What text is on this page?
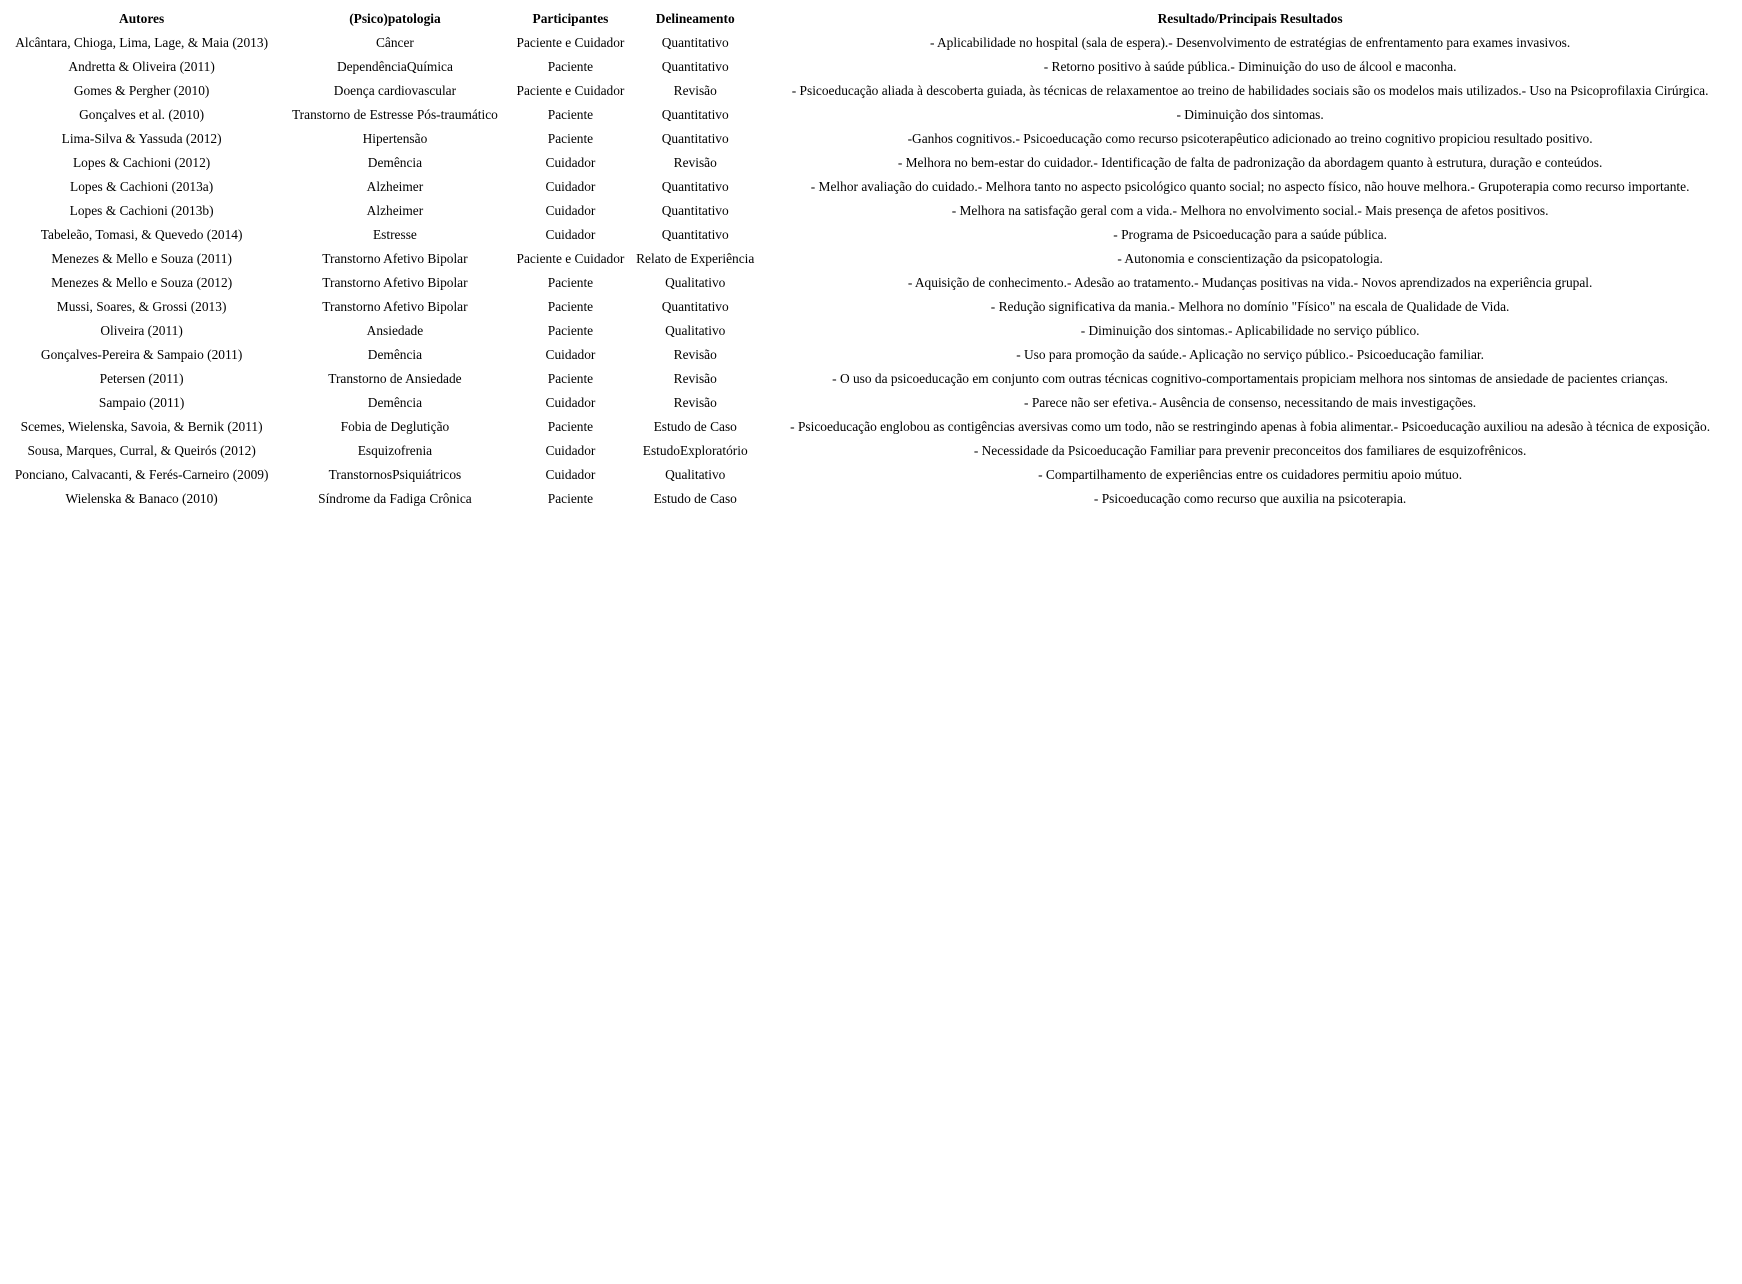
Autores	(Psico)patologia	Participantes	Delineamento	Resultado/Principais Resultados
Alcântara, Chioga, Lima, Lage, & Maia (2013)	Câncer	Paciente e Cuidador	Quantitativo	- Aplicabilidade no hospital (sala de espera).- Desenvolvimento de estratégias de enfrentamento para exames invasivos.
Andretta & Oliveira (2011)	DependênciaQuímica	Paciente	Quantitativo	- Retorno positivo à saúde pública.- Diminuição do uso de álcool e maconha.
Gomes & Pergher (2010)	Doença cardiovascular	Paciente e Cuidador	Revisão	- Psicoeducação aliada à descoberta guiada, às técnicas de relaxamentoe ao treino de habilidades sociais são os modelos mais utilizados.- Uso na Psicoprofilaxia Cirúrgica.
Gonçalves et al. (2010)	Transtorno de Estresse Pós-traumático	Paciente	Quantitativo	- Diminuição dos sintomas.
Lima-Silva & Yassuda (2012)	Hipertensão	Paciente	Quantitativo	-Ganhos cognitivos.- Psicoeducação como recurso psicoterapêutico adicionado ao treino cognitivo propiciou resultado positivo.
Lopes & Cachioni (2012)	Demência	Cuidador	Revisão	- Melhora no bem-estar do cuidador.- Identificação de falta de padronização da abordagem quanto à estrutura, duração e conteúdos.
Lopes & Cachioni (2013a)	Alzheimer	Cuidador	Quantitativo	- Melhor avaliação do cuidado.- Melhora tanto no aspecto psicológico quanto social; no aspecto físico, não houve melhora.- Grupoterapia como recurso importante.
Lopes & Cachioni (2013b)	Alzheimer	Cuidador	Quantitativo	- Melhora na satisfação geral com a vida.- Melhora no envolvimento social.- Mais presença de afetos positivos.
Tabeleão, Tomasi, & Quevedo (2014)	Estresse	Cuidador	Quantitativo	- Programa de Psicoeducação para a saúde pública.
Menezes & Mello e Souza (2011)	Transtorno Afetivo Bipolar	Paciente e Cuidador	Relato de Experiência	- Autonomia e conscientização da psicopatologia.
Menezes & Mello e Souza (2012)	Transtorno Afetivo Bipolar	Paciente	Qualitativo	- Aquisição de conhecimento.- Adesão ao tratamento.- Mudanças positivas na vida.- Novos aprendizados na experiência grupal.
Mussi, Soares, & Grossi (2013)	Transtorno Afetivo Bipolar	Paciente	Quantitativo	- Redução significativa da mania.- Melhora no domínio "Físico" na escala de Qualidade de Vida.
Oliveira (2011)	Ansiedade	Paciente	Qualitativo	- Diminuição dos sintomas.- Aplicabilidade no serviço público.
Gonçalves-Pereira & Sampaio (2011)	Demência	Cuidador	Revisão	- Uso para promoção da saúde.- Aplicação no serviço público.- Psicoeducação familiar.
Petersen (2011)	Transtorno de Ansiedade	Paciente	Revisão	- O uso da psicoeducação em conjunto com outras técnicas cognitivo-comportamentais propiciam melhora nos sintomas de ansiedade de pacientes crianças.
Sampaio (2011)	Demência	Cuidador	Revisão	- Parece não ser efetiva.- Ausência de consenso, necessitando de mais investigações.
Scemes, Wielenska, Savoia, & Bernik (2011)	Fobia de Deglutição	Paciente	Estudo de Caso	- Psicoeducação englobou as contigências aversivas como um todo, não se restringindo apenas à fobia alimentar.- Psicoeducação auxiliou na adesão à técnica de exposição.
Sousa, Marques, Curral, & Queirós (2012)	Esquizofrenia	Cuidador	EstudoExploratório	- Necessidade da Psicoeducação Familiar para prevenir preconceitos dos familiares de esquizofrênicos.
Ponciano, Calvacanti, & Ferés-Carneiro (2009)	TranstornosPsiquiátricos	Cuidador	Qualitativo	- Compartilhamento de experiências entre os cuidadores permitiu apoio mútuo.
Wielenska & Banaco (2010)	Síndrome da Fadiga Crônica	Paciente	Estudo de Caso	- Psicoeducação como recurso que auxilia na psicoterapia.
